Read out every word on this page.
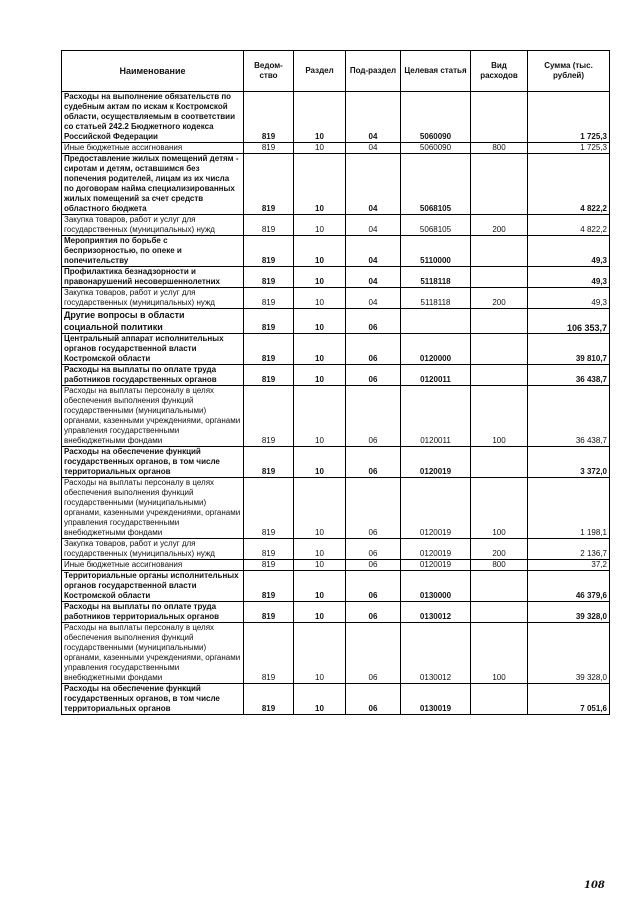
Наименование	Ведом-ство	Раздел	Под-раздел	Целевая статья	Вид расходов	Сумма (тыс. рублей)
Расходы на выполнение обязательств по судебным актам по искам к Костромской области, осуществляемым в соответствии со статьей 242.2 Бюджетного кодекса Российской Федерации	819	10	04	5060090		1 725,3
Иные бюджетные ассигнования	819	10	04	5060090	800	1 725,3
Предоставление жилых помещений детям - сиротам и детям, оставшимся без попечения родителей, лицам из их числа по договорам найма специализированных жилых помещений за счет средств областного бюджета	819	10	04	5068105		4 822,2
Закупка товаров, работ и услуг для государственных (муниципальных) нужд	819	10	04	5068105	200	4 822,2
Мероприятия по борьбе с беспризорностью, по опеке и попечительству	819	10	04	5110000		49,3
Профилактика безнадзорности и правонарушений несовершеннолетних	819	10	04	5118118		49,3
Закупка товаров, работ и услуг для государственных (муниципальных) нужд	819	10	04	5118118	200	49,3
Другие вопросы в области социальной политики	819	10	06			106 353,7
Центральный аппарат исполнительных органов государственной власти Костромской области	819	10	06	0120000		39 810,7
Расходы на выплаты по оплате труда работников государственных органов	819	10	06	0120011		36 438,7
Расходы на выплаты персоналу в целях обеспечения выполнения функций государственными (муниципальными) органами, казенными учреждениями, органами управления государственными внебюджетными фондами	819	10	06	0120011	100	36 438,7
Расходы на обеспечение функций государственных органов, в том числе территориальных органов	819	10	06	0120019		3 372,0
Расходы на выплаты персоналу в целях обеспечения выполнения функций государственными (муниципальными) органами, казенными учреждениями, органами управления государственными внебюджетными фондами	819	10	06	0120019	100	1 198,1
Закупка товаров, работ и услуг для государственных (муниципальных) нужд	819	10	06	0120019	200	2 136,7
Иные бюджетные ассигнования	819	10	06	0120019	800	37,2
Территориальные органы исполнительных органов государственной власти Костромской области	819	10	06	0130000		46 379,6
Расходы на выплаты по оплате труда работников территориальных органов	819	10	06	0130012		39 328,0
Расходы на выплаты персоналу в целях обеспечения выполнения функций государственными (муниципальными) органами, казенными учреждениями, органами управления государственными внебюджетными фондами	819	10	06	0130012	100	39 328,0
Расходы на обеспечение функций государственных органов, в том числе территориальных органов	819	10	06	0130019		7 051,6
108
